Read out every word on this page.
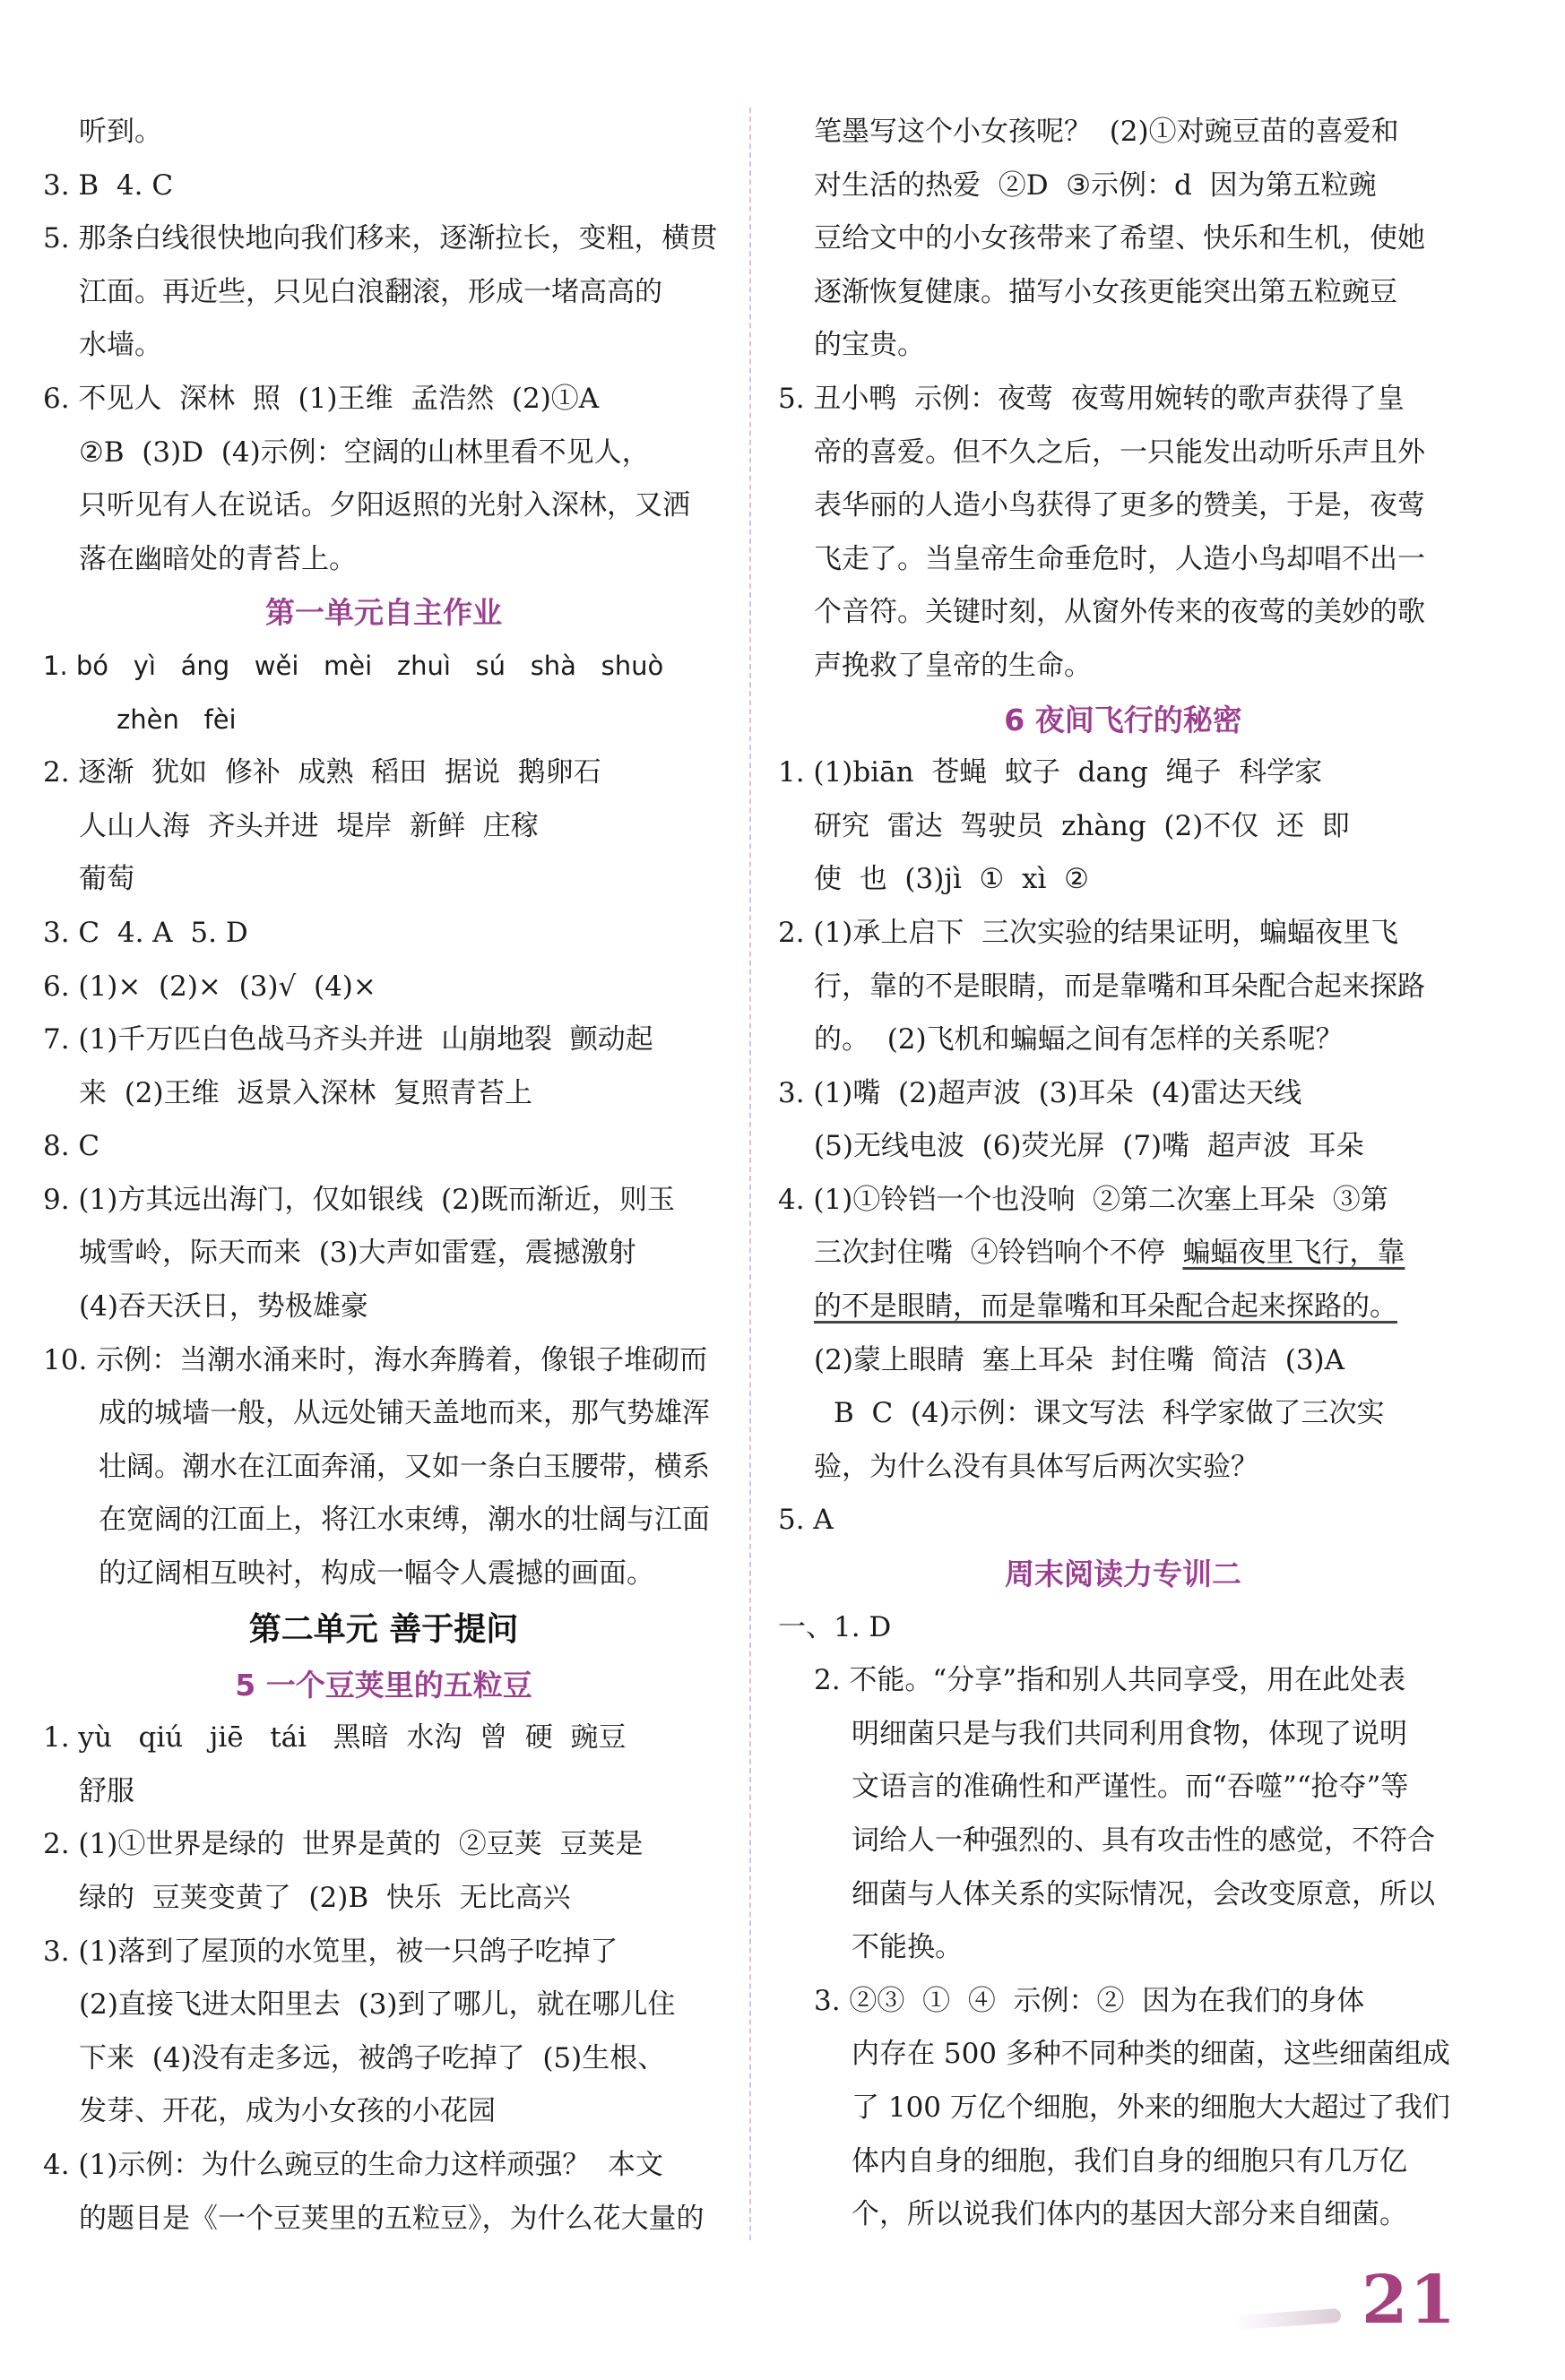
听到。
3. B  4. C
5. 那条白线很快地向我们移来，逐渐拉长，变粗，横贯
江面。再近些，只见白浪翻滚，形成一堵高高的
水墙。
6. 不见人  深林  照  (1)王维  孟浩然  (2)①A
②B  (3)D  (4)示例：空阔的山林里看不见人，
只听见有人在说话。夕阳返照的光射入深林，又洒
落在幽暗处的青苔上。
第一单元自主作业
1. bó   yì   áng   wěi   mèi   zhuì   sú   shà   shuò
zhèn   fèi
2. 逐渐  犹如  修补  成熟  稻田  据说  鹅卵石
人山人海  齐头并进  堤岸  新鲜  庄稼
葡萄
3. C  4. A  5. D
6. (1)×  (2)×  (3)√  (4)×
7. (1)千万匹白色战马齐头并进  山崩地裂  颤动起
来  (2)王维  返景入深林  复照青苔上
8. C
9. (1)方其远出海门，仅如银线  (2)既而渐近，则玉
城雪岭，际天而来  (3)大声如雷霆，震撼激射
(4)吞天沃日，势极雄豪
10. 示例：当潮水涌来时，海水奔腾着，像银子堆砌而
成的城墙一般，从远处铺天盖地而来，那气势雄浑
壮阔。潮水在江面奔涌，又如一条白玉腰带，横系
在宽阔的江面上，将江水束缚，潮水的壮阔与江面
的辽阔相互映衬，构成一幅令人震撼的画面。
第二单元 善于提问
5 一个豆荚里的五粒豆
1. yù   qiú   jiē   tái   黑暗  水沟  曾  硬  豌豆
舒服
2. (1)①世界是绿的  世界是黄的  ②豆荚  豆荚是
绿的  豆荚变黄了  (2)B  快乐  无比高兴
3. (1)落到了屋顶的水笕里，被一只鸽子吃掉了
(2)直接飞进太阳里去  (3)到了哪儿，就在哪儿住
下来  (4)没有走多远，被鸽子吃掉了  (5)生根、
发芽、开花，成为小女孩的小花园
4. (1)示例：为什么豌豆的生命力这样顽强？  本文
的题目是《一个豆荚里的五粒豆》，为什么花大量的
笔墨写这个小女孩呢？  (2)①对豌豆苗的喜爱和
对生活的热爱  ②D  ③示例：d  因为第五粒豌
豆给文中的小女孩带来了希望、快乐和生机，使她
逐渐恢复健康。描写小女孩更能突出第五粒豌豆
的宝贵。
5. 丑小鸭  示例：夜莺  夜莺用婉转的歌声获得了皇
帝的喜爱。但不久之后，一只能发出动听乐声且外
表华丽的人造小鸟获得了更多的赞美，于是，夜莺
飞走了。当皇帝生命垂危时，人造小鸟却唱不出一
个音符。关键时刻，从窗外传来的夜莺的美妙的歌
声挽救了皇帝的生命。
6 夜间飞行的秘密
1. (1)biān  苍蝇  蚊子  dang  绳子  科学家
研究  雷达  驾驶员  zhàng  (2)不仅  还  即
使  也  (3)jì  ①  xì  ②
2. (1)承上启下  三次实验的结果证明，蝙蝠夜里飞
行，靠的不是眼睛，而是靠嘴和耳朵配合起来探路
的。  (2)飞机和蝙蝠之间有怎样的关系呢？
3. (1)嘴  (2)超声波  (3)耳朵  (4)雷达天线
(5)无线电波  (6)荧光屏  (7)嘴  超声波  耳朵
4. (1)①铃铛一个也没响  ②第二次塞上耳朵  ③第
三次封住嘴  ④铃铛响个不停  蝙蝠夜里飞行，靠
的不是眼睛，而是靠嘴和耳朵配合起来探路的。
(2)蒙上眼睛  塞上耳朵  封住嘴  简洁  (3)A
B  C  (4)示例：课文写法  科学家做了三次实
验，为什么没有具体写后两次实验？
5. A
周末阅读力专训二
一、1. D
2. 不能。“分享”指和别人共同享受，用在此处表
明细菌只是与我们共同利用食物，体现了说明
文语言的准确性和严谨性。而“吞噬”“抢夺”等
词给人一种强烈的、具有攻击性的感觉，不符合
细菌与人体关系的实际情况，会改变原意，所以
不能换。
3. ②③  ①  ④  示例：②  因为在我们的身体
内存在 500 多种不同种类的细菌，这些细菌组成
了 100 万亿个细胞，外来的细胞大大超过了我们
体内自身的细胞，我们自身的细胞只有几万亿
个，所以说我们体内的基因大部分来自细菌。
21
